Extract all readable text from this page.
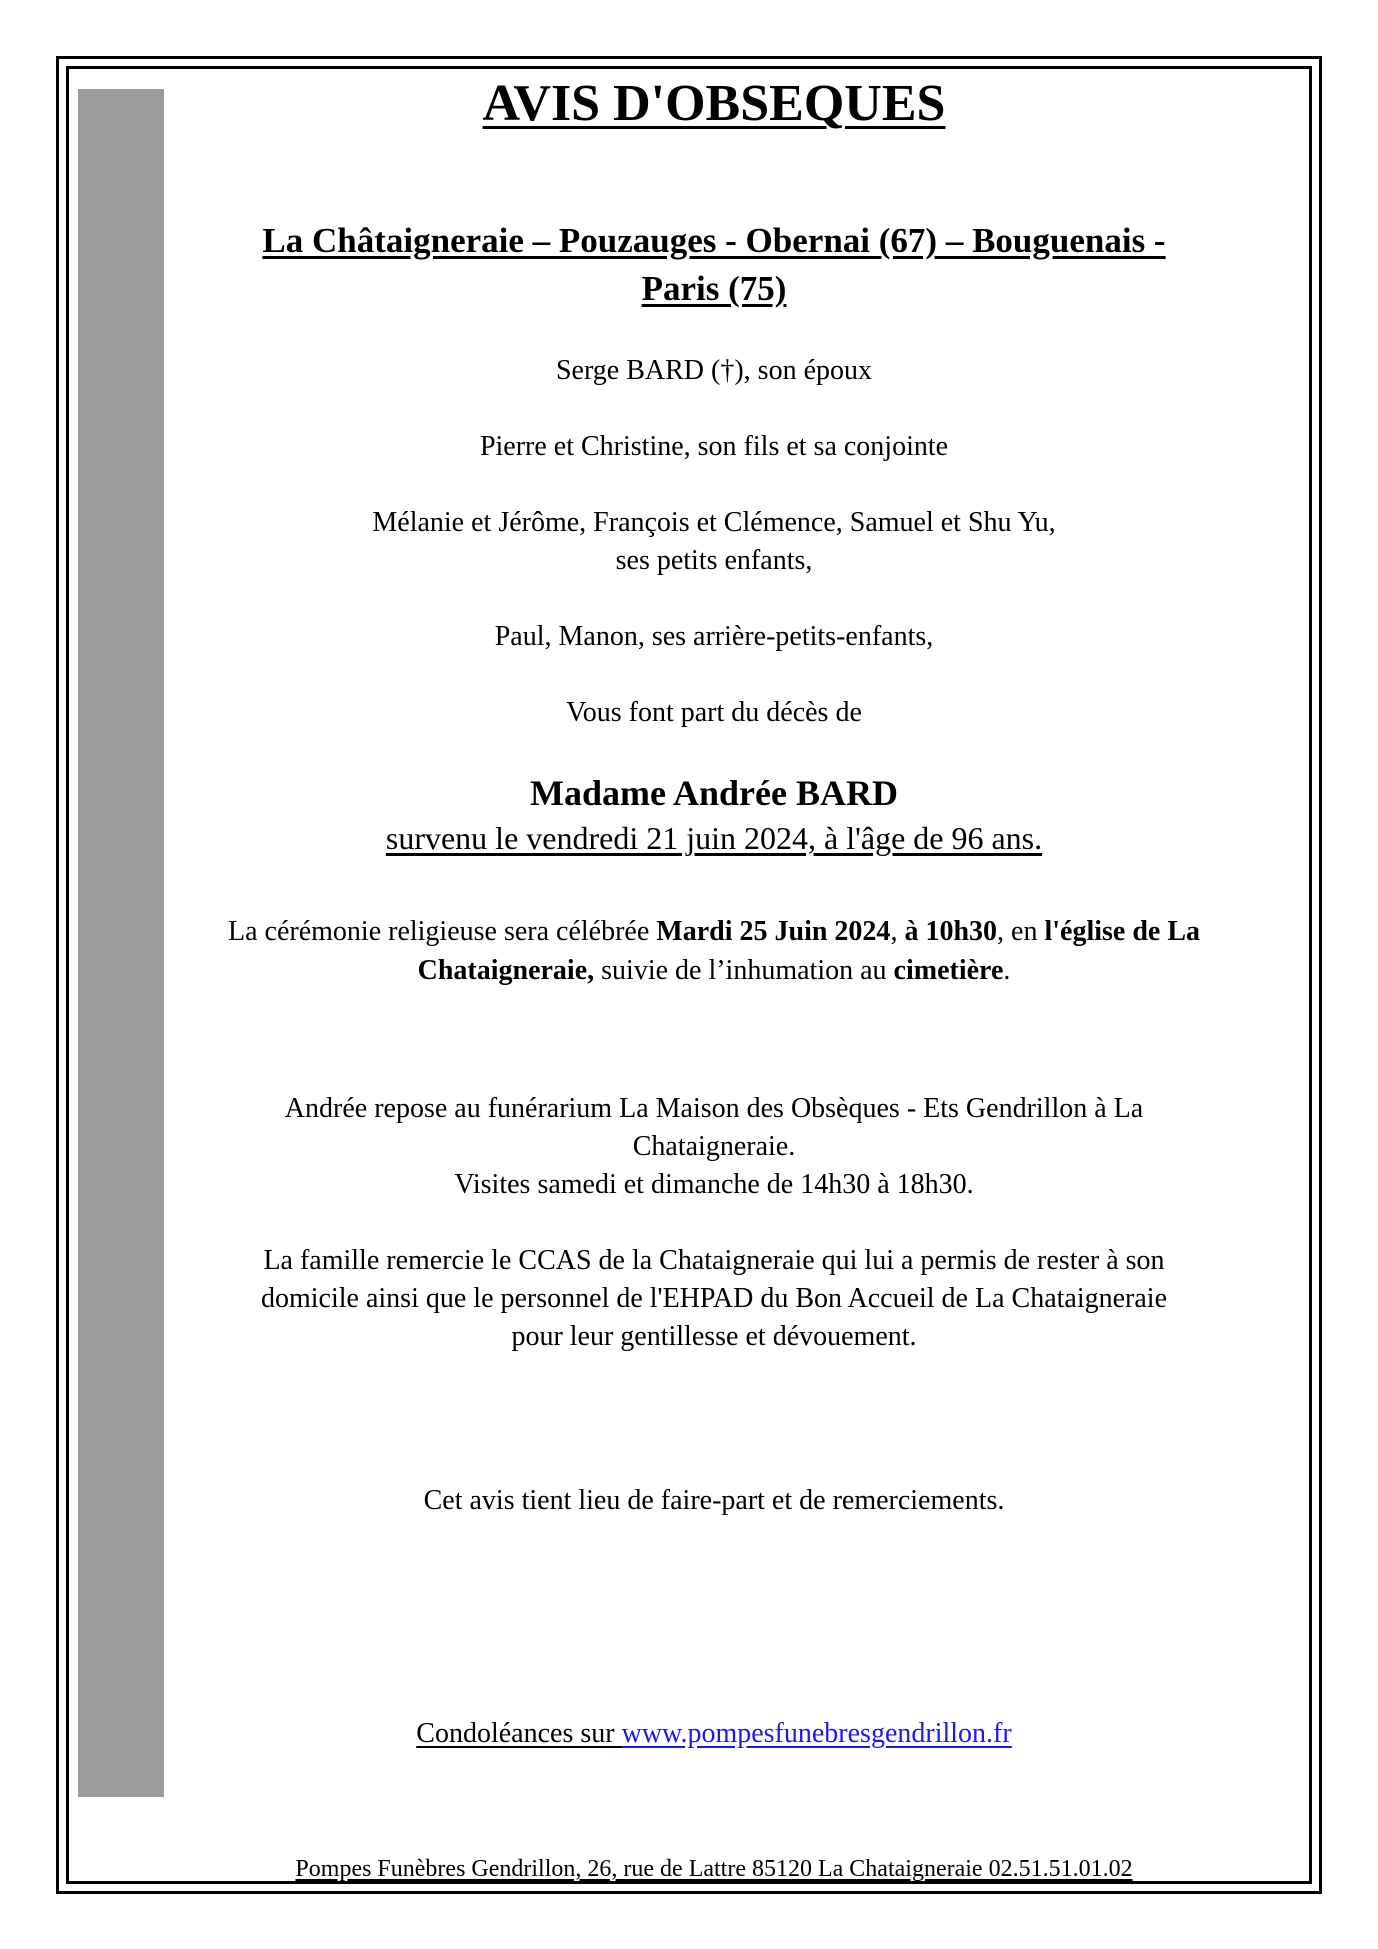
AVIS D'OBSEQUES
La Châtaigneraie – Pouzauges - Obernai (67) – Bouguenais -
Paris (75)
Serge BARD (†), son époux
Pierre et Christine, son fils et sa conjointe
Mélanie et Jérôme, François et Clémence, Samuel et Shu Yu,
ses petits enfants,
Paul, Manon, ses arrière-petits-enfants,
Vous font part du décès de
Madame Andrée BARD
survenu le vendredi 21 juin 2024, à l'âge de 96 ans.
La cérémonie religieuse sera célébrée Mardi 25 Juin 2024, à 10h30, en l'église de La Chataigneraie, suivie de l’inhumation au cimetière.
Andrée repose au funérarium La Maison des Obsèques - Ets Gendrillon à La
Chataigneraie.
Visites samedi et dimanche de 14h30 à 18h30.
La famille remercie le CCAS de la Chataigneraie qui lui a permis de rester à son
domicile ainsi que le personnel de l'EHPAD du Bon Accueil de La Chataigneraie
pour leur gentillesse et dévouement.
Cet avis tient lieu de faire-part et de remerciements.
Condoléances sur www.pompesfunebresgendrillon.fr
Pompes Funèbres Gendrillon, 26, rue de Lattre 85120 La Chataigneraie 02.51.51.01.02
